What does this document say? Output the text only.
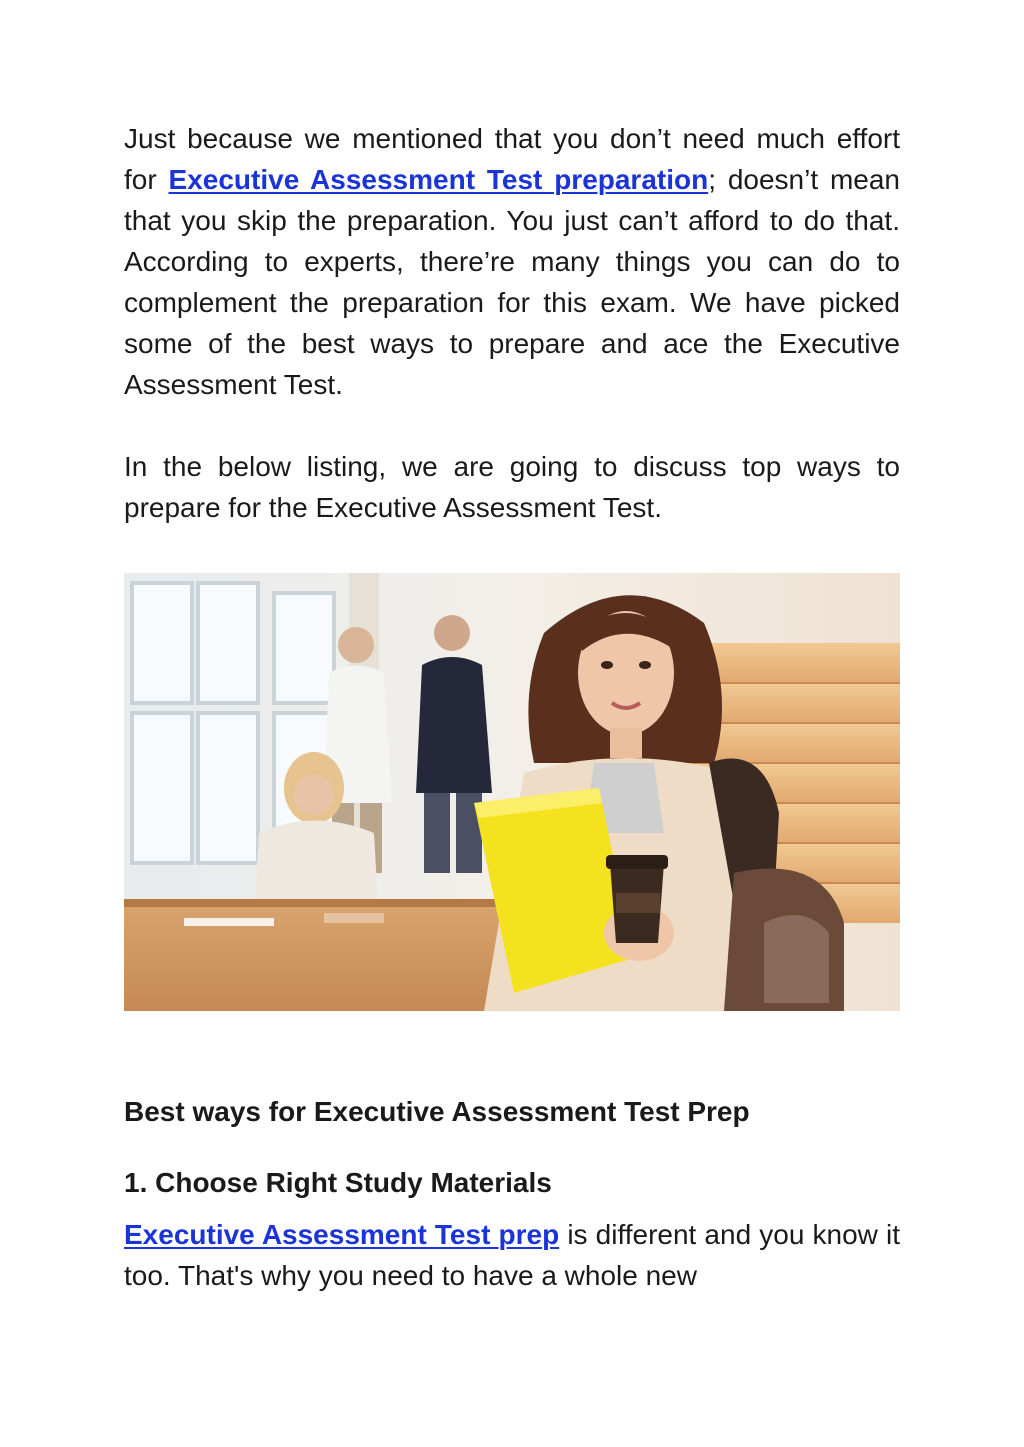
Just because we mentioned that you don’t need much effort for Executive Assessment Test preparation; doesn’t mean that you skip the preparation. You just can’t afford to do that. According to experts, there’re many things you can do to complement the preparation for this exam. We have picked some of the best ways to prepare and ace the Executive Assessment Test.

In the below listing, we are going to discuss top ways to prepare for the Executive Assessment Test.

Best ways for Executive Assessment Test Prep
1. Choose Right Study Materials

Executive Assessment Test prep is different and you know it too. That's why you need to have a whole new
